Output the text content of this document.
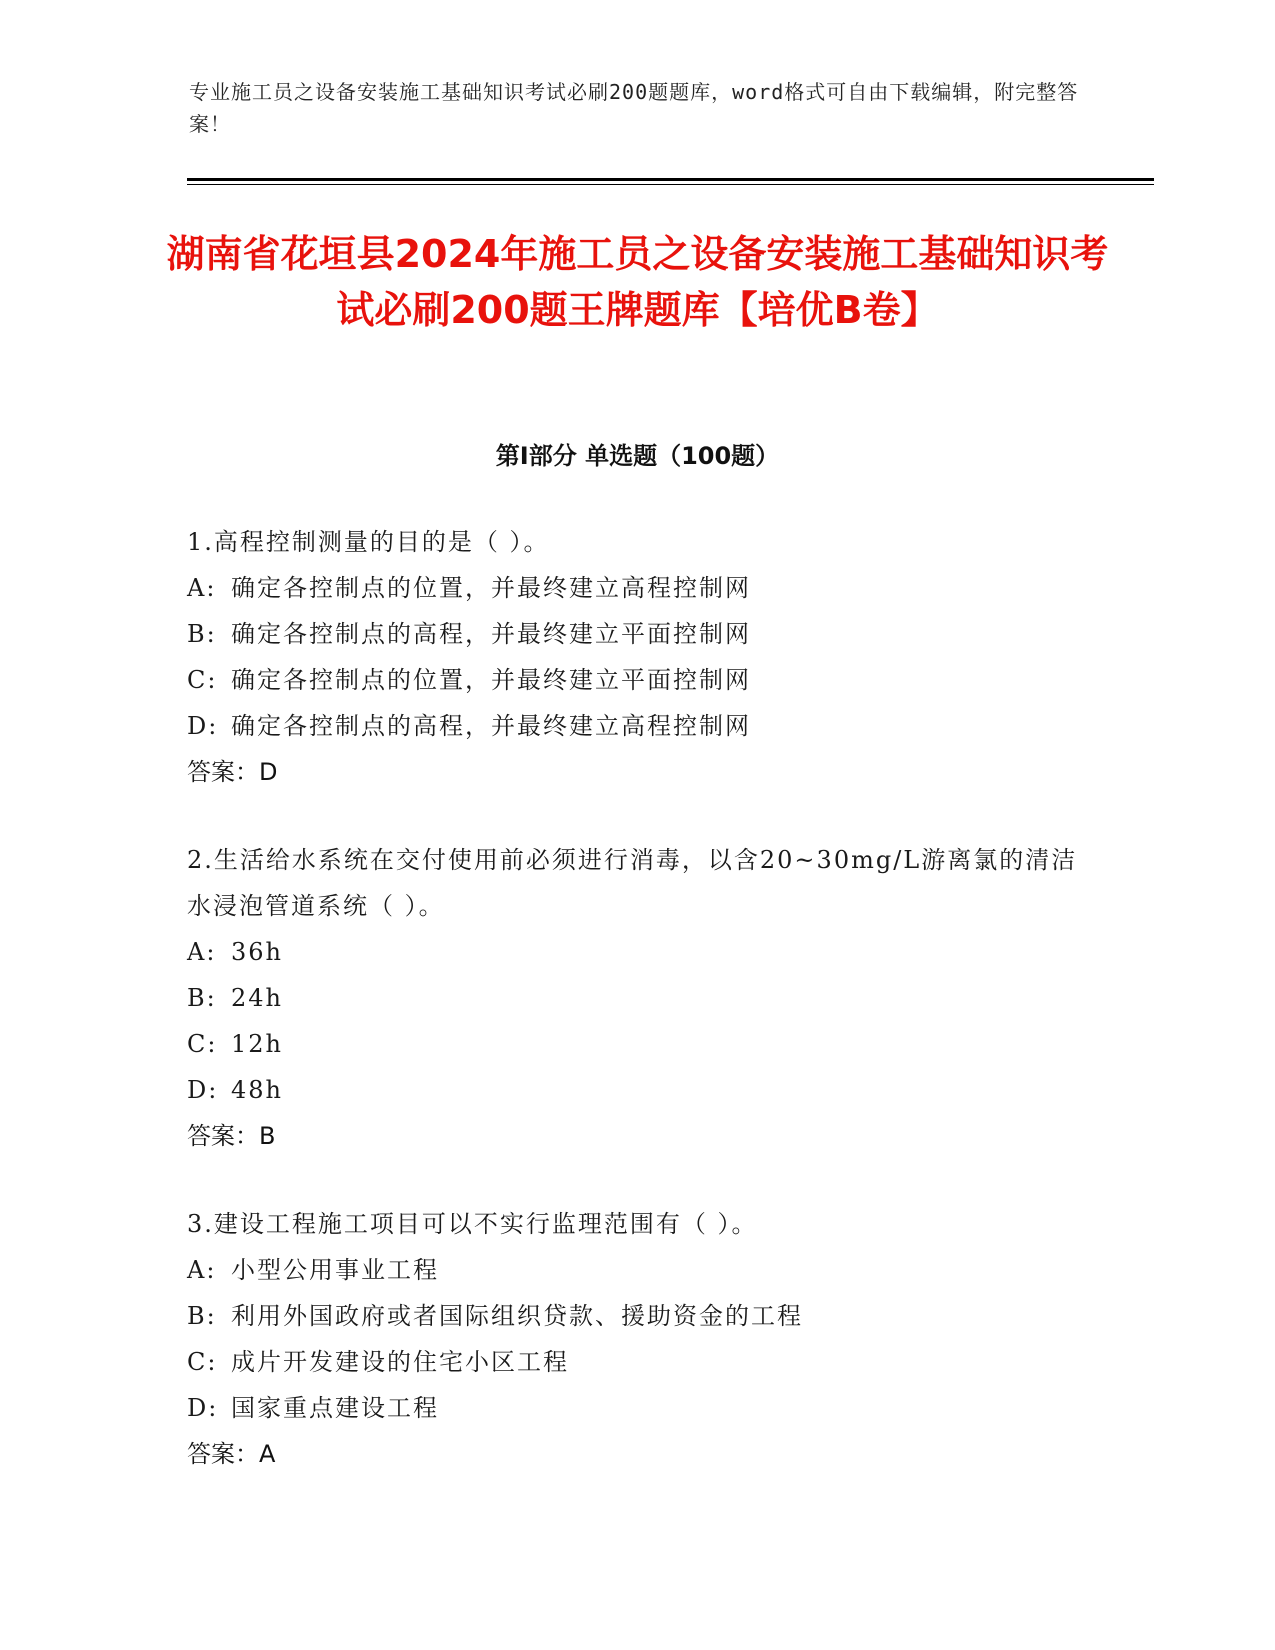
专业施工员之设备安装施工基础知识考试必刷200题题库，word格式可自由下载编辑，附完整答案！
湖南省花垣县2024年施工员之设备安装施工基础知识考试必刷200题王牌题库【培优B卷】
第Ⅰ部分 单选题（100题）
1.高程控制测量的目的是（ ）。
A: 确定各控制点的位置，并最终建立高程控制网
B: 确定各控制点的高程，并最终建立平面控制网
C: 确定各控制点的位置，并最终建立平面控制网
D: 确定各控制点的高程，并最终建立高程控制网
答案：D
2.生活给水系统在交付使用前必须进行消毒，以含20~30mg/L游离氯的清洁水浸泡管道系统（ ）。
A: 36h
B: 24h
C: 12h
D: 48h
答案：B
3.建设工程施工项目可以不实行监理范围有（ ）。
A: 小型公用事业工程
B: 利用外国政府或者国际组织贷款、援助资金的工程
C: 成片开发建设的住宅小区工程
D: 国家重点建设工程
答案：A
